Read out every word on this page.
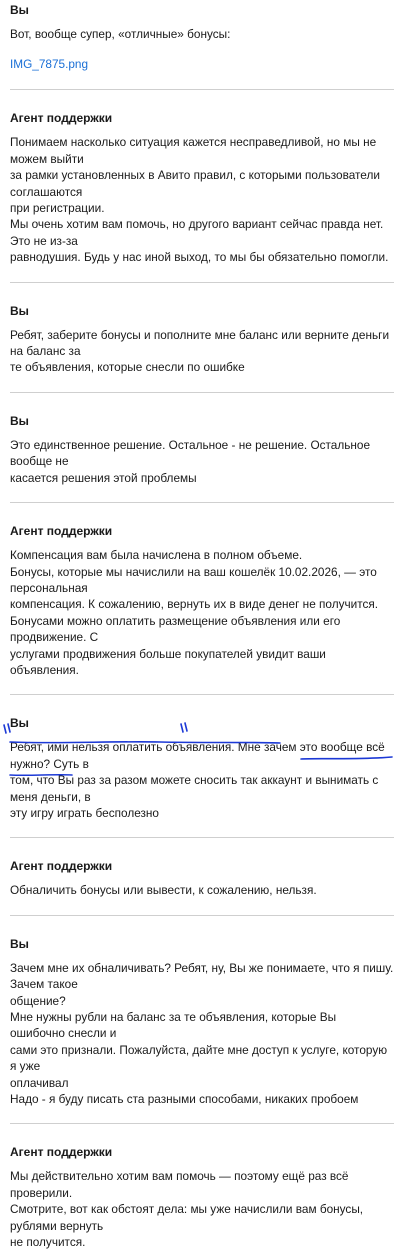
Вы

Вот, вообще супер, «отличные» бонусы:

IMG_7875.png
Агент поддержки

Понимаем насколько ситуация кажется несправедливой, но мы не можем выйти

за рамки установленных в Авито правил, с которыми пользователи соглашаются

при регистрации.

Мы очень хотим вам помочь, но другого вариант сейчас правда нет. Это не из-за

равнодушия. Будь у нас иной выход, то мы бы обязательно помогли.

Вы

Ребят, заберите бонусы и пополните мне баланс или верните деньги на баланс за

те объявления, которые снесли по ошибке

Вы

Это единственное решение. Остальное - не решение. Остальное вообще не

касается решения этой проблемы

Агент поддержки

Компенсация вам была начислена в полном объеме.

Бонусы, которые мы начислили на ваш кошелёк 10.02.2026, — это персональная

компенсация. К сожалению, вернуть их в виде денег не получится.

Бонусами можно оплатить размещение объявления или его продвижение. С

услугами продвижения больше покупателей увидит ваши объявления.

Вы

Ребят, ими нельзя оплатить объявления. Мне зачем это вообще всё нужно? Суть в

том, что Вы раз за разом можете сносить так аккаунт и вынимать с меня деньги, в

эту игру играть бесполезно

Агент поддержки

Обналичить бонусы или вывести, к сожалению, нельзя.

Вы

Зачем мне их обналичивать? Ребят, ну, Вы же понимаете, что я пишу. Зачем такое

общение?

Мне нужны рубли на баланс за те объявления, которые Вы ошибочно снесли и

сами это признали. Пожалуйста, дайте мне доступ к услуге, которую я уже

оплачивал

Надо - я буду писать ста разными способами, никаких пробоем

Агент поддержки

Мы действительно хотим вам помочь — поэтому ещё раз всё проверили.

Смотрите, вот как обстоят дела: мы уже начислили вам бонусы, рублями вернуть

не получится.
